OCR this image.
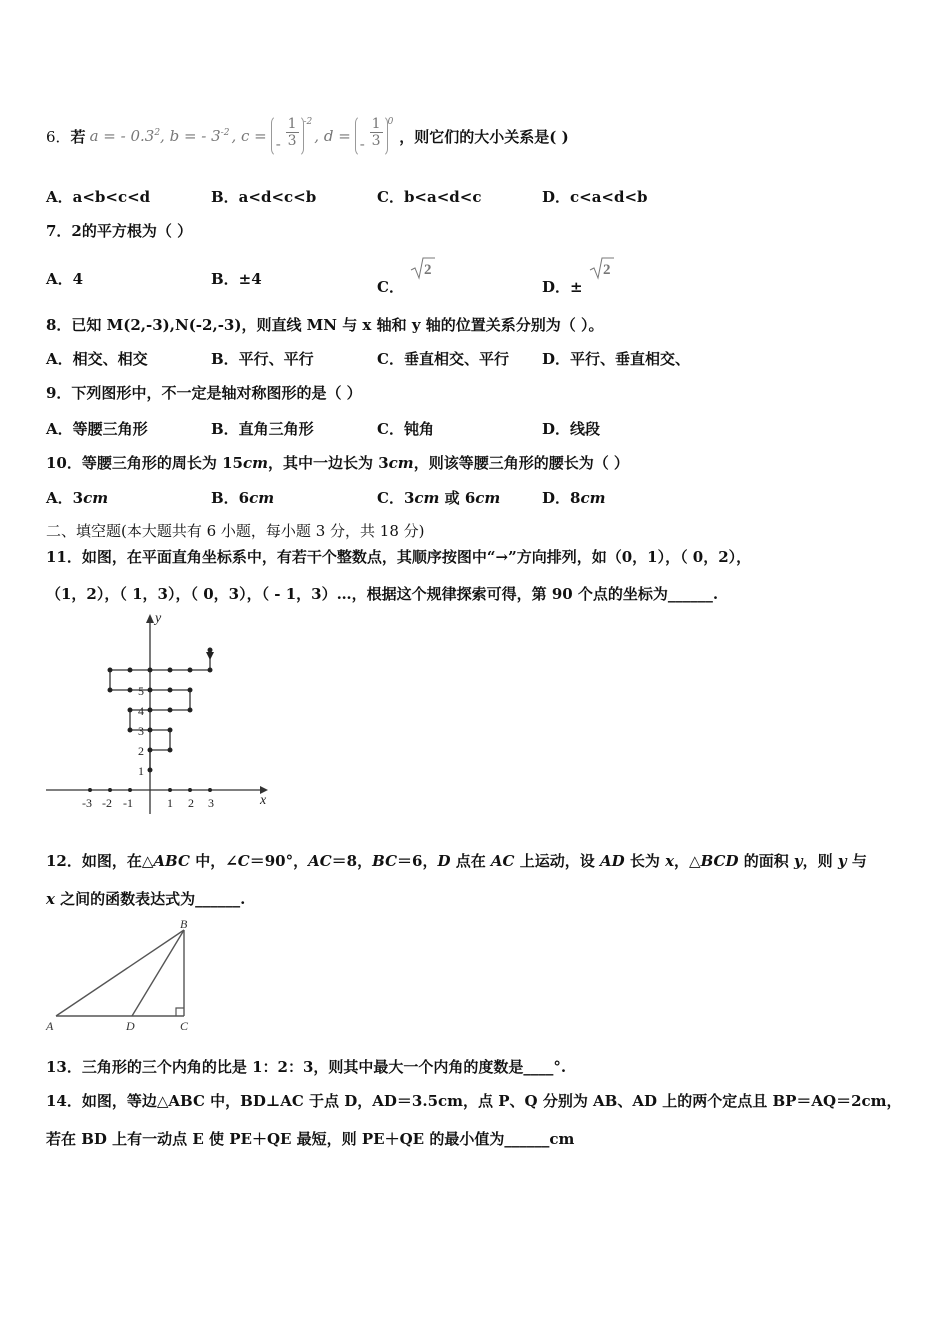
6． 若 a = - $0.3^2$ , b = - $3^{-2}$ , c = - $\frac{1}{3} -2$
, d = - $\frac{1}{3} 0$
，则它们的大小关系是( )
A．a<b<c<d	B．a<d<c<b	C．b<a<d<c	D．c<a<d<b
7．2的平方根为（ ）
A．4	B．±4	C．
2
D．±
2
8．已知 M(2,-3),N(-2,-3)，则直线 MN 与 x 轴和 y 轴的位置关系分别为（ ）。
A．相交、相交	B．平行、平行	C．垂直相交、平行 D．平行、垂直相交、
9．下列图形中，不一定是轴对称图形的是（ ）
A．等腰三角形	B．直角三角形	C．钝角	D．线段
10．等腰三角形的周长为 15cm，其中一边长为 3cm，则该等腰三角形的腰长为（ ）
A．3cm	B．6cm	C．3cm 或 6cm	D．8cm
二、填空题(本大题共有 6 小题，每小题 3 分，共 18 分)
11．如图，在平面直角坐标系中，有若干个整数点，其顺序按图中“→”方向排列，如（0，1），（ 0，2），
（1，2），（ 1，3），（ 0，3），（ - 1，3）…，根据这个规律探索可得，第 90 个点的坐标为______.
x
y
-3 -2 -1	1 2 3
1
2
3
4
5
12．如图，在△ABC 中，∠C＝90°，AC＝8，BC＝6，D 点在 AC 上运动，设 AD 长为 x，△BCD 的面积 y，则 y 与
x 之间的函数表达式为______.
A	D	C
B
13．三角形的三个内角的比是 1：2：3，则其中最大一个内角的度数是____°.
14．如图，等边△ABC 中，BD⊥AC 于点 D，AD＝3.5cm，点 P、Q 分别为 AB、AD 上的两个定点且 BP＝AQ＝2cm，
若在 BD 上有一动点 E 使 PE＋QE 最短，则 PE＋QE 的最小值为______cm
